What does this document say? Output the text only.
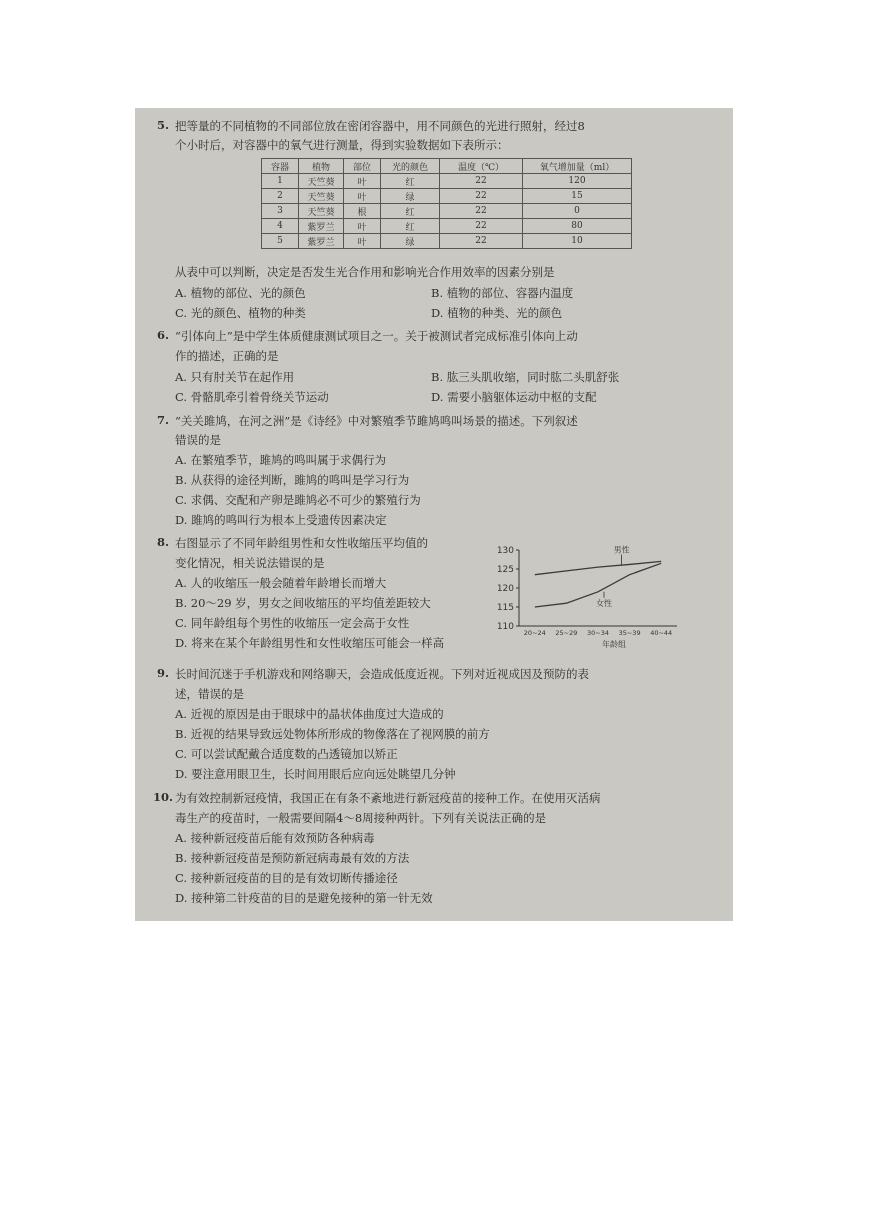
5. 把等量的不同植物的不同部位放在密闭容器中，用不同颜色的光进行照射，经过8
个小时后，对容器中的氧气进行测量，得到实验数据如下表所示：
容器	植物	部位	光的颜色	温度（℃）	氧气增加量（ml）
1	天竺葵	叶	红	22	120
2	天竺葵	叶	绿	22	15
3	天竺葵	根	红	22	0
4	紫罗兰	叶	红	22	80
5	紫罗兰	叶	绿	22	10
从表中可以判断，决定是否发生光合作用和影响光合作用效率的因素分别是
A. 植物的部位、光的颜色	B. 植物的部位、容器内温度
C. 光的颜色、植物的种类	D. 植物的种类、光的颜色
6. “引体向上”是中学生体质健康测试项目之一。关于被测试者完成标准引体向上动
作的描述，正确的是
A. 只有肘关节在起作用	B. 肱三头肌收缩，同时肱二头肌舒张
C. 骨骼肌牵引着骨绕关节运动	D. 需要小脑躯体运动中枢的支配
7. “关关雎鸠，在河之洲”是《诗经》中对繁殖季节雎鸠鸣叫场景的描述。下列叙述
错误的是
A. 在繁殖季节，雎鸠的鸣叫属于求偶行为
B. 从获得的途径判断，雎鸠的鸣叫是学习行为
C. 求偶、交配和产卵是雎鸠必不可少的繁殖行为
D. 雎鸠的鸣叫行为根本上受遗传因素决定
8. 右图显示了不同年龄组男性和女性收缩压平均值的
变化情况，相关说法错误的是
A. 人的收缩压一般会随着年龄增长而增大
B. 20～29 岁，男女之间收缩压的平均值差距较大
C. 同年龄组每个男性的收缩压一定会高于女性
D. 将来在某个年龄组男性和女性收缩压可能会一样高
110
115
120
125
130
20~24 25~29 30~34 35~39 40~44
男性
女性
年龄组
9. 长时间沉迷于手机游戏和网络聊天，会造成低度近视。下列对近视成因及预防的表
述，错误的是
A. 近视的原因是由于眼球中的晶状体曲度过大造成的
B. 近视的结果导致远处物体所形成的物像落在了视网膜的前方
C. 可以尝试配戴合适度数的凸透镜加以矫正
D. 要注意用眼卫生，长时间用眼后应向远处眺望几分钟
10. 为有效控制新冠疫情，我国正在有条不紊地进行新冠疫苗的接种工作。在使用灭活病
毒生产的疫苗时，一般需要间隔4～8周接种两针。下列有关说法正确的是
A. 接种新冠疫苗后能有效预防各种病毒
B. 接种新冠疫苗是预防新冠病毒最有效的方法
C. 接种新冠疫苗的目的是有效切断传播途径
D. 接种第二针疫苗的目的是避免接种的第一针无效
